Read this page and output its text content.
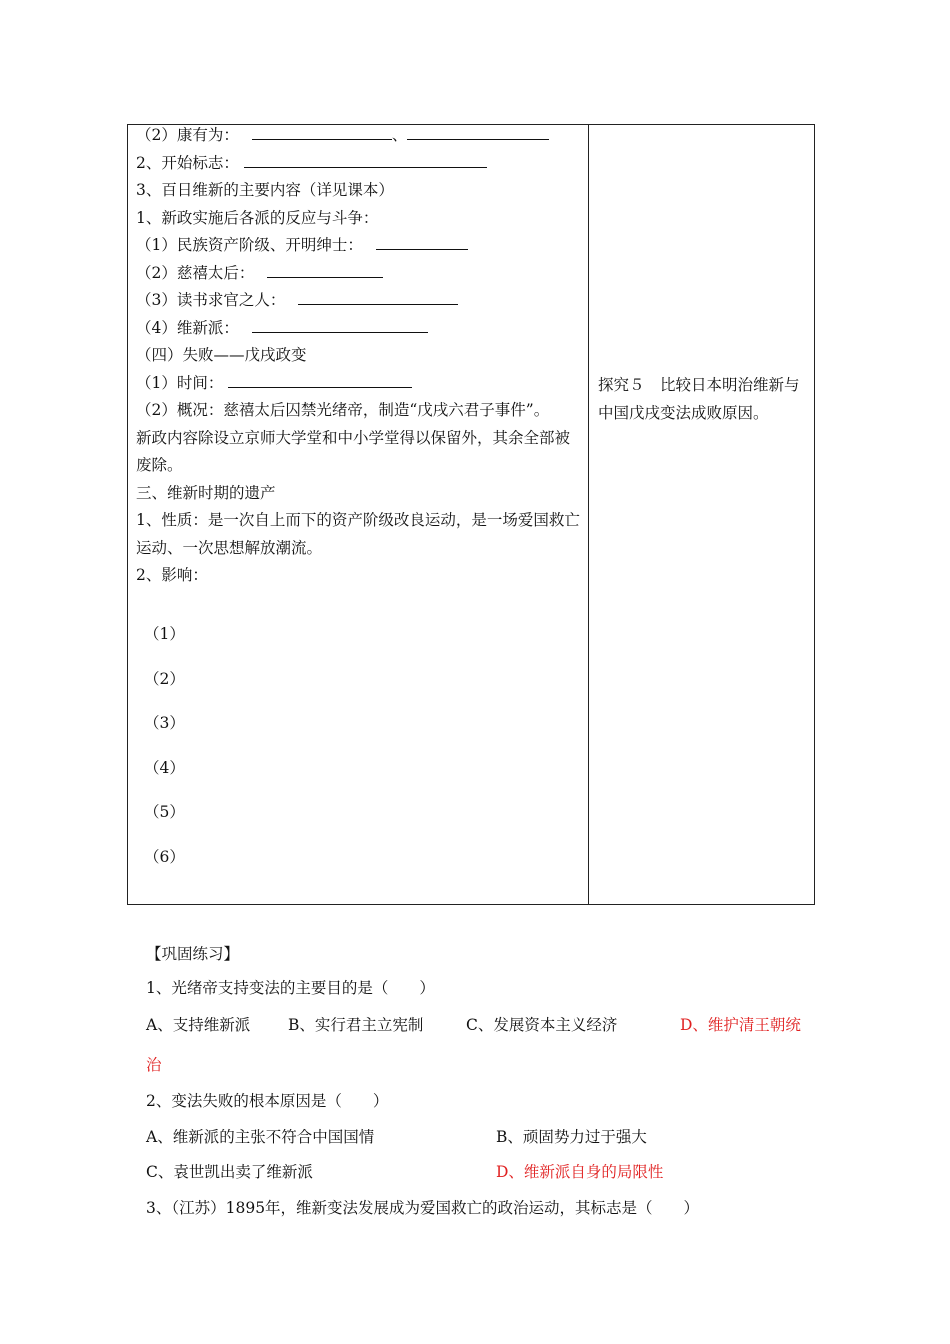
（2）康有为：	、
2、开始标志：
3、百日维新的主要内容（详见课本）
1、新政实施后各派的反应与斗争：
（1）民族资产阶级、开明绅士：
（2）慈禧太后：
（3）读书求官之人：
（4）维新派：
（四）失败——戊戌政变
（1）时间：
（2）概况：慈禧太后囚禁光绪帝，制造“戊戌六君子事件”。
新政内容除设立京师大学堂和中小学堂得以保留外，其余全部被废除。
三、维新时期的遗产
1、性质：是一次自上而下的资产阶级改良运动，是一场爱国救亡运动、一次思想解放潮流。
2、影响：
（1）
（2）
（3）
（4）
（5）
（6）
探究５　比较日本明治维新与中国戊戌变法成败原因。
【巩固练习】
1、光绪帝支持变法的主要目的是（　　）
A、支持维新派 B、实行君主立宪制	C、发展资本主义经济	D、维护清王朝统
治
2、变法失败的根本原因是（　　）
A、维新派的主张不符合中国国情	B、顽固势力过于强大
C、袁世凯出卖了维新派	D、维新派自身的局限性
3、（江苏）1895年，维新变法发展成为爱国救亡的政治运动，其标志是（　　）
